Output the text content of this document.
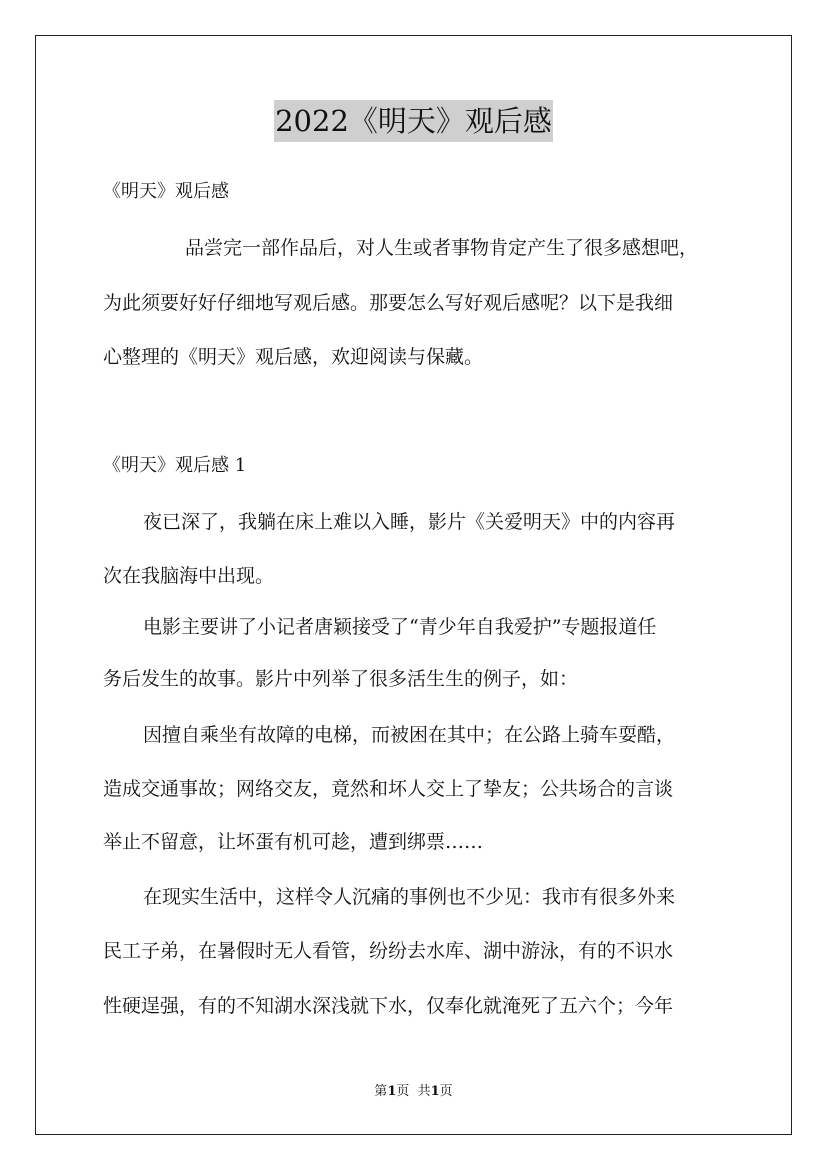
2022《明天》观后感
《明天》观后感
品尝完一部作品后，对人生或者事物肯定产生了很多感想吧，
为此须要好好仔细地写观后感。那要怎么写好观后感呢？以下是我细
心整理的《明天》观后感，欢迎阅读与保藏。
《明天》观后感 1
夜已深了，我躺在床上难以入睡，影片《关爱明天》中的内容再
次在我脑海中出现。
电影主要讲了小记者唐颖接受了“青少年自我爱护”专题报道任
务后发生的故事。影片中列举了很多活生生的例子，如：
因擅自乘坐有故障的电梯，而被困在其中；在公路上骑车耍酷，
造成交通事故；网络交友，竟然和坏人交上了挚友；公共场合的言谈
举止不留意，让坏蛋有机可趁，遭到绑票……
在现实生活中，这样令人沉痛的事例也不少见：我市有很多外来
民工子弟，在暑假时无人看管，纷纷去水库、湖中游泳，有的不识水
性硬逞强，有的不知湖水深浅就下水，仅奉化就淹死了五六个；今年
第1页  共1页
